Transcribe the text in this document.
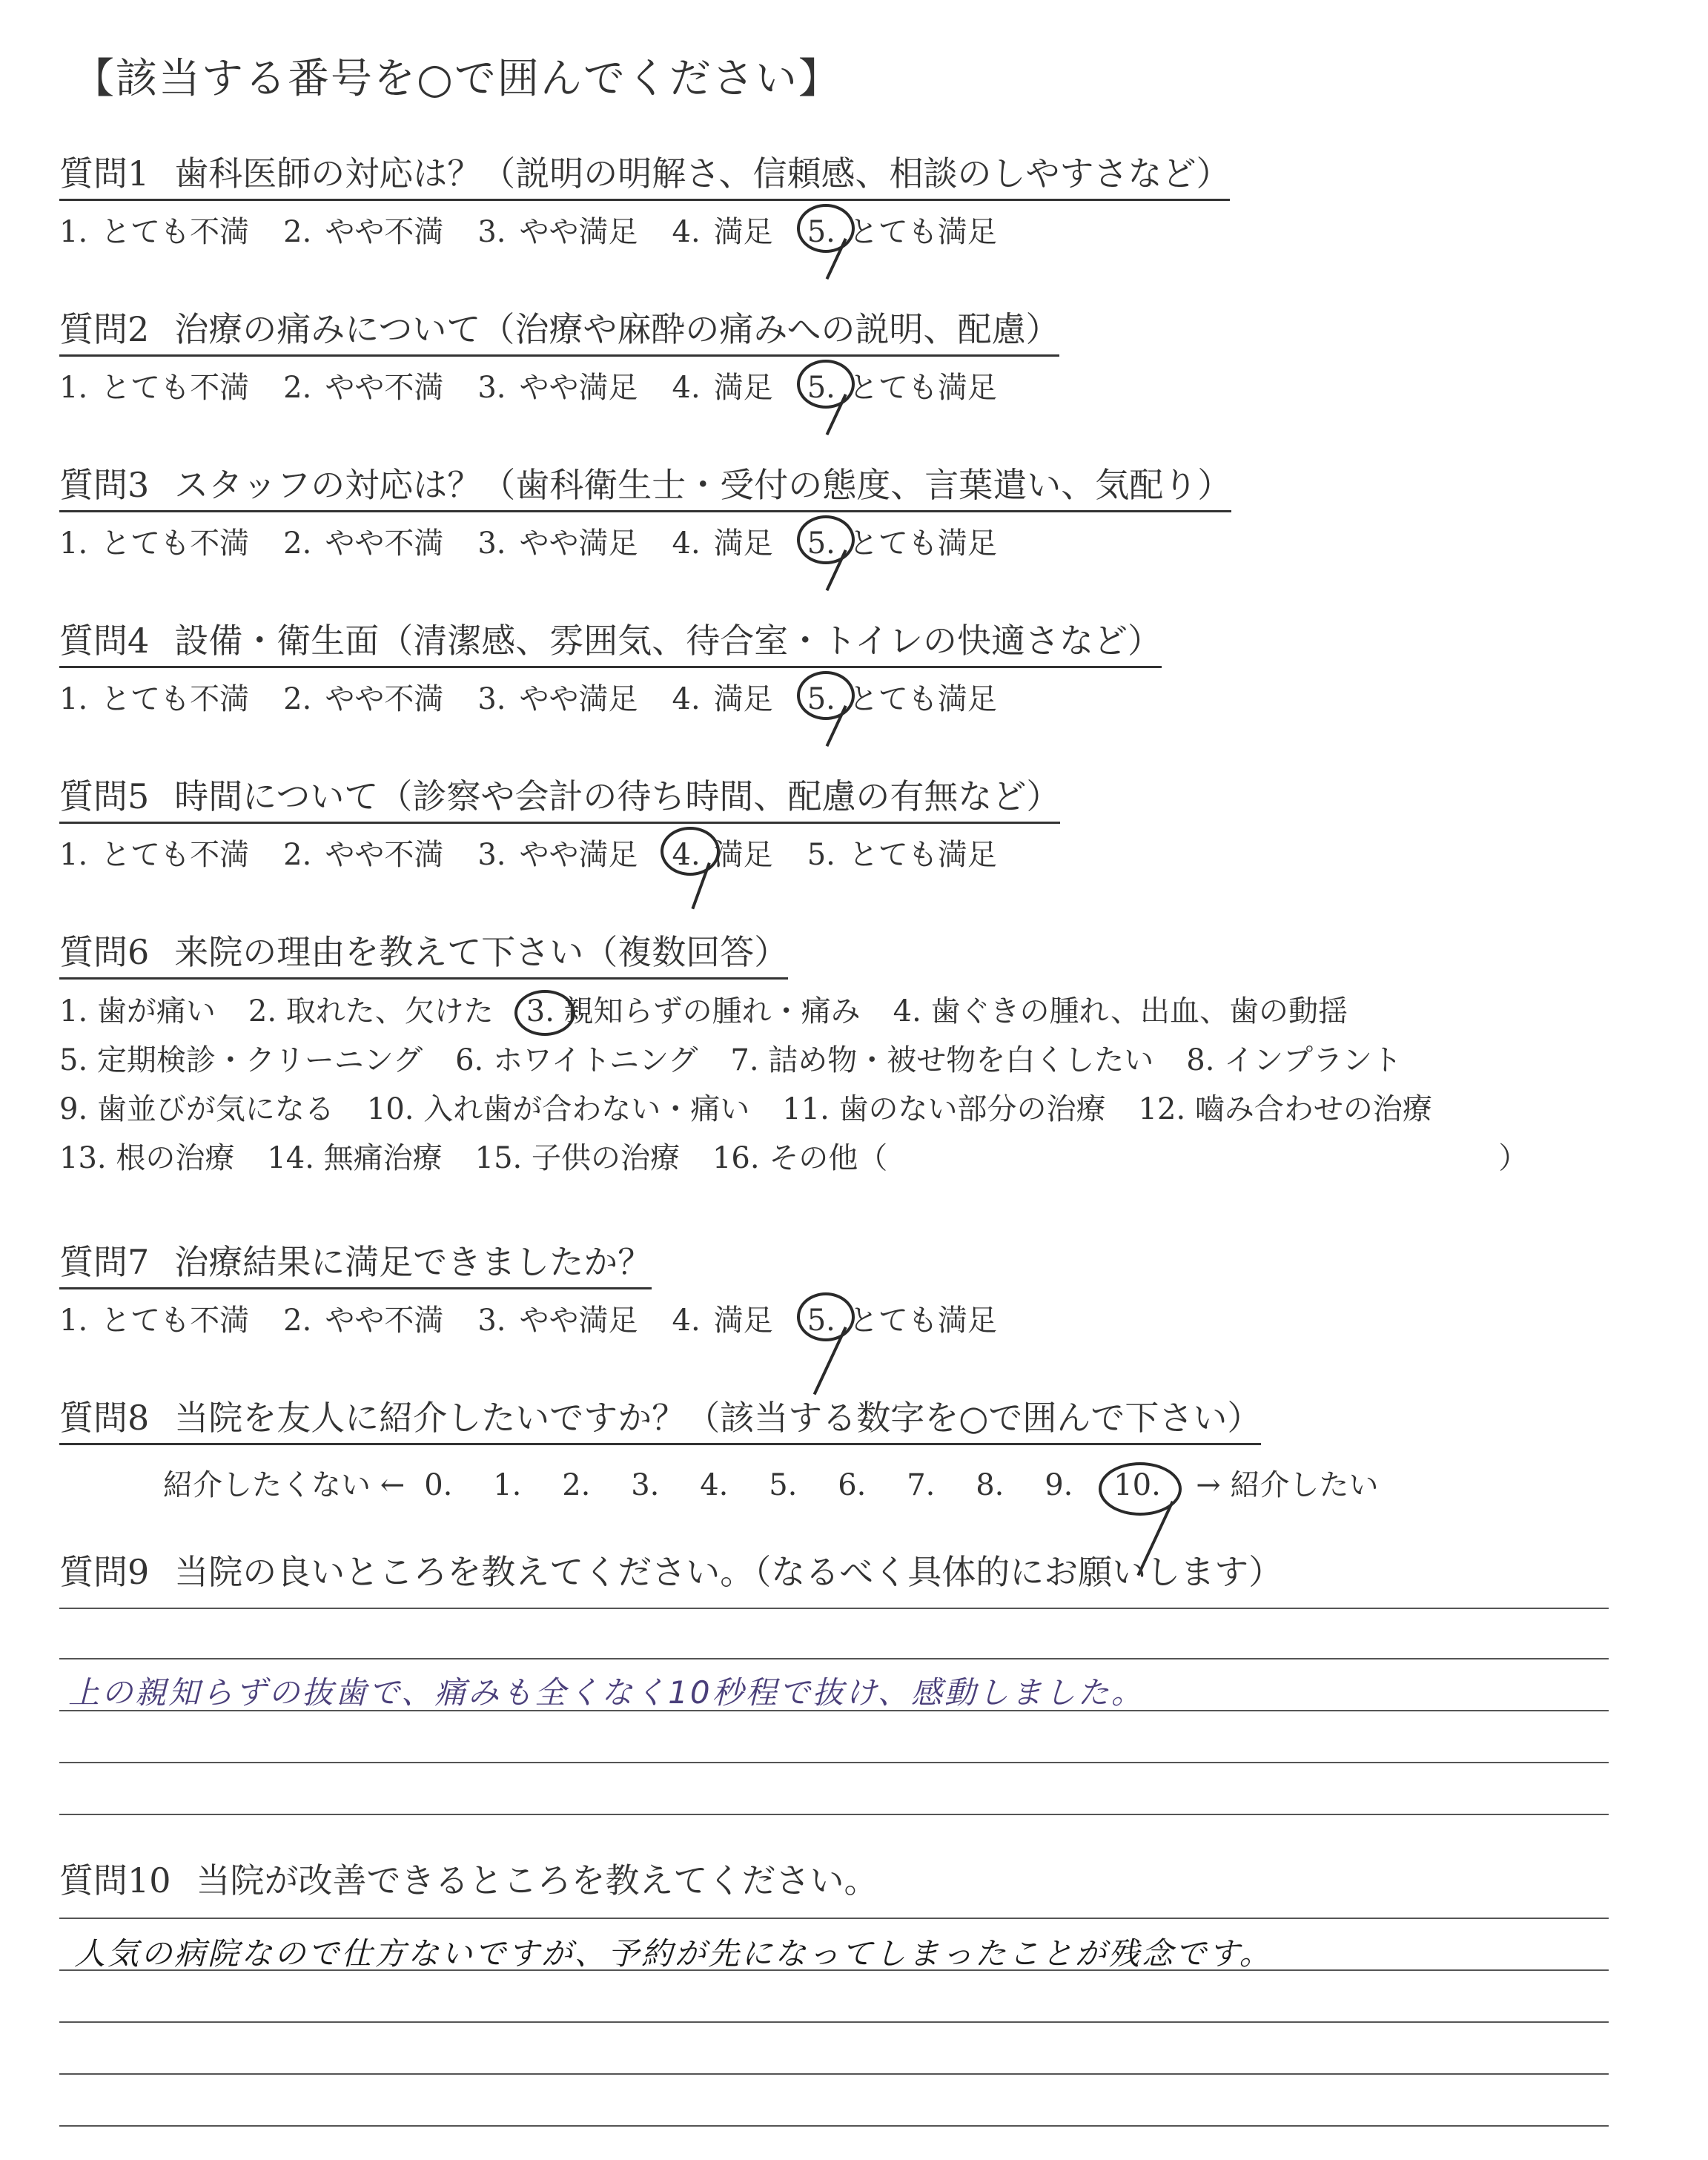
【該当する番号を○で囲んでください】
質問1 歯科医師の対応は？（説明の明解さ、信頼感、相談のしやすさなど）
1. とても不満 2. やや不満 3. やや満足 4. 満足 5. とても満足
質問2 治療の痛みについて（治療や麻酔の痛みへの説明、配慮）
1. とても不満 2. やや不満 3. やや満足 4. 満足 5. とても満足
質問3 スタッフの対応は？（歯科衛生士・受付の態度、言葉遣い、気配り）
1. とても不満 2. やや不満 3. やや満足 4. 満足 5. とても満足
質問4 設備・衛生面（清潔感、雰囲気、待合室・トイレの快適さなど）
1. とても不満 2. やや不満 3. やや満足 4. 満足 5. とても満足
質問5 時間について（診察や会計の待ち時間、配慮の有無など）
1. とても不満 2. やや不満 3. やや満足 4. 満足 5. とても満足
質問6 来院の理由を教えて下さい（複数回答）
1. 歯が痛い 2. 取れた、欠けた 3. 親知らずの腫れ・痛み 4. 歯ぐきの腫れ、出血、歯の動揺
5. 定期検診・クリーニング 6. ホワイトニング 7. 詰め物・被せ物を白くしたい 8. インプラント
9. 歯並びが気になる 10. 入れ歯が合わない・痛い 11. 歯のない部分の治療 12. 嚙み合わせの治療
13. 根の治療 14. 無痛治療 15. 子供の治療 16. その他（	）
質問7 治療結果に満足できましたか？
1. とても不満 2. やや不満 3. やや満足 4. 満足 5. とても満足
質問8 当院を友人に紹介したいですか？（該当する数字を○で囲んで下さい）
紹介したくない ← 0. 1. 2. 3. 4. 5. 6. 7. 8. 9. 10. → 紹介したい
質問9 当院の良いところを教えてください。（なるべく具体的にお願いします）
上の親知らずの抜歯で、痛みも全くなく10秒程で抜け、感動しました。
質問10 当院が改善できるところを教えてください。
人気の病院なので仕方ないですが、予約が先になってしまったことが残念です。
